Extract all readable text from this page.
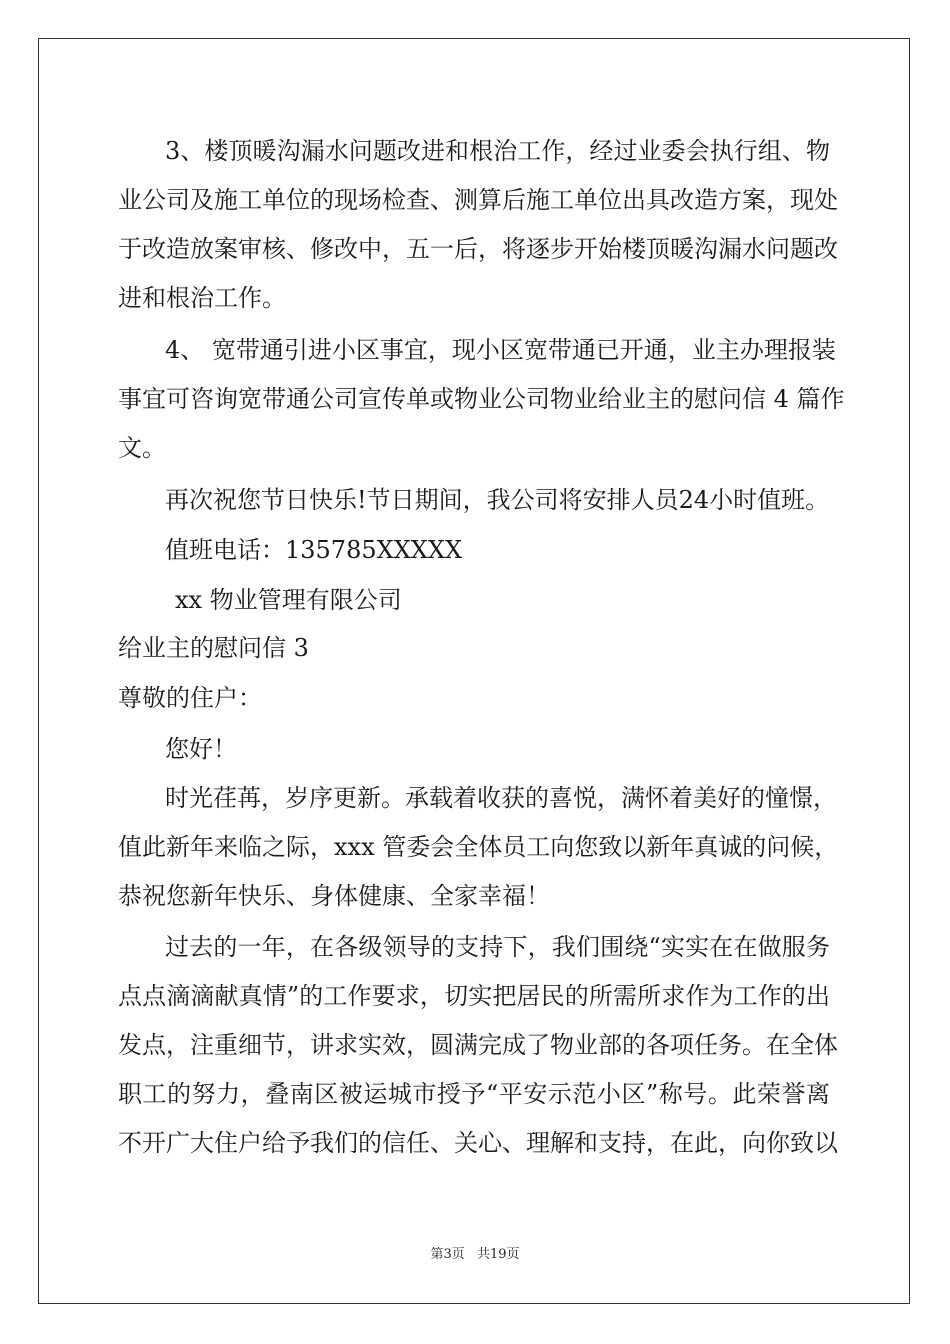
3、楼顶暖沟漏水问题改进和根治工作，经过业委会执行组、物
业公司及施工单位的现场检查、测算后施工单位出具改造方案，现处
于改造放案审核、修改中，五一后，将逐步开始楼顶暖沟漏水问题改
进和根治工作。
4、 宽带通引进小区事宜，现小区宽带通已开通，业主办理报装
事宜可咨询宽带通公司宣传单或物业公司物业给业主的慰问信 4 篇作
文。
再次祝您节日快乐!节日期间，我公司将安排人员24小时值班。
值班电话：135785XXXXX
xx 物业管理有限公司
给业主的慰问信 3
尊敬的住户：
您好！
时光荏苒，岁序更新。承载着收获的喜悦，满怀着美好的憧憬，
值此新年来临之际，xxx 管委会全体员工向您致以新年真诚的问候，
恭祝您新年快乐、身体健康、全家幸福！
过去的一年，在各级领导的支持下，我们围绕“实实在在做服务
点点滴滴献真情”的工作要求，切实把居民的所需所求作为工作的出
发点，注重细节，讲求实效，圆满完成了物业部的各项任务。在全体
职工的努力，叠南区被运城市授予“平安示范小区”称号。此荣誉离
不开广大住户给予我们的信任、关心、理解和支持，在此，向你致以
第3页 共19页
